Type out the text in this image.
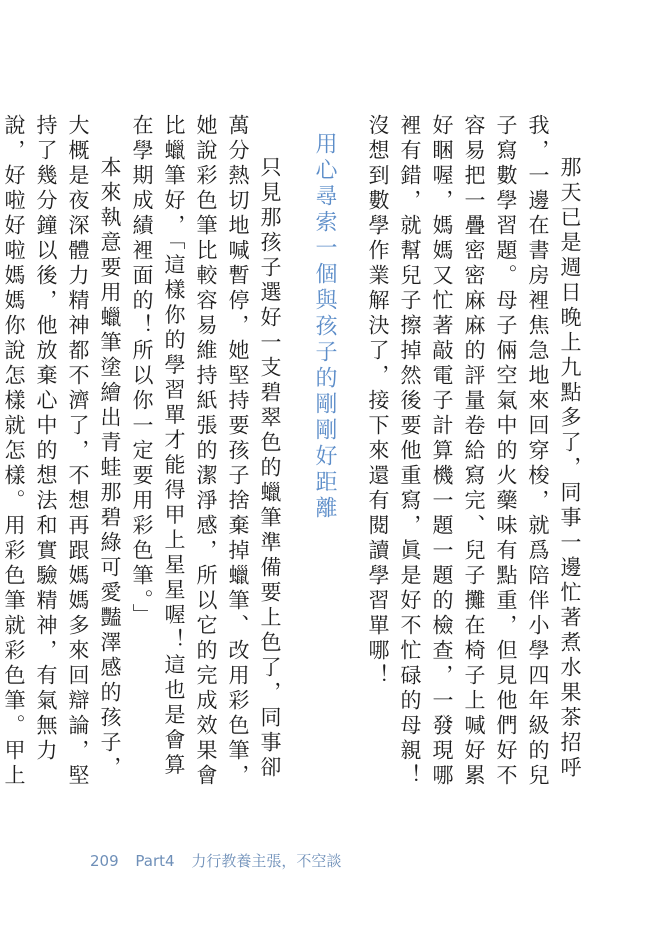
那天已是週日晚上九點多了，同事一邊忙著煮水果茶招呼我，一邊在書房裡焦急地來回穿梭，就爲陪伴小學四年級的兒子寫數學習題。母子倆空氣中的火藥味有點重，但見他們好不容易把一疊密密麻麻的評量卷給寫完、兒子攤在椅子上喊好累好睏喔，媽媽又忙著敲電子計算機一題一題的檢查，一發現哪裡有錯，就幫兒子擦掉然後要他重寫，眞是好不忙碌的母親！沒想到數學作業解決了，接下來還有閱讀學習單哪！

用心尋索一個與孩子的剛剛好距離

只見那孩子選好一支碧翠色的蠟筆準備要上色了，同事卻萬分熱切地喊暫停，她堅持要孩子捨棄掉蠟筆、改用彩色筆，她說彩色筆比較容易維持紙張的潔淨感，所以它的完成效果會比蠟筆好，「這樣你的學習單才能得甲上星星喔！這也是會算在學期成績裡面的！所以你一定要用彩色筆。」

本來執意要用蠟筆塗繪出青蛙那碧綠可愛豔澤感的孩子，大概是夜深體力精神都不濟了，不想再跟媽媽多來回辯論，堅持了幾分鐘以後，他放棄心中的想法和實驗精神，有氣無力說，好啦好啦媽媽你說怎樣就怎樣。用彩色筆就彩色筆。甲上

209 Part4 力行教養主張，不空談
